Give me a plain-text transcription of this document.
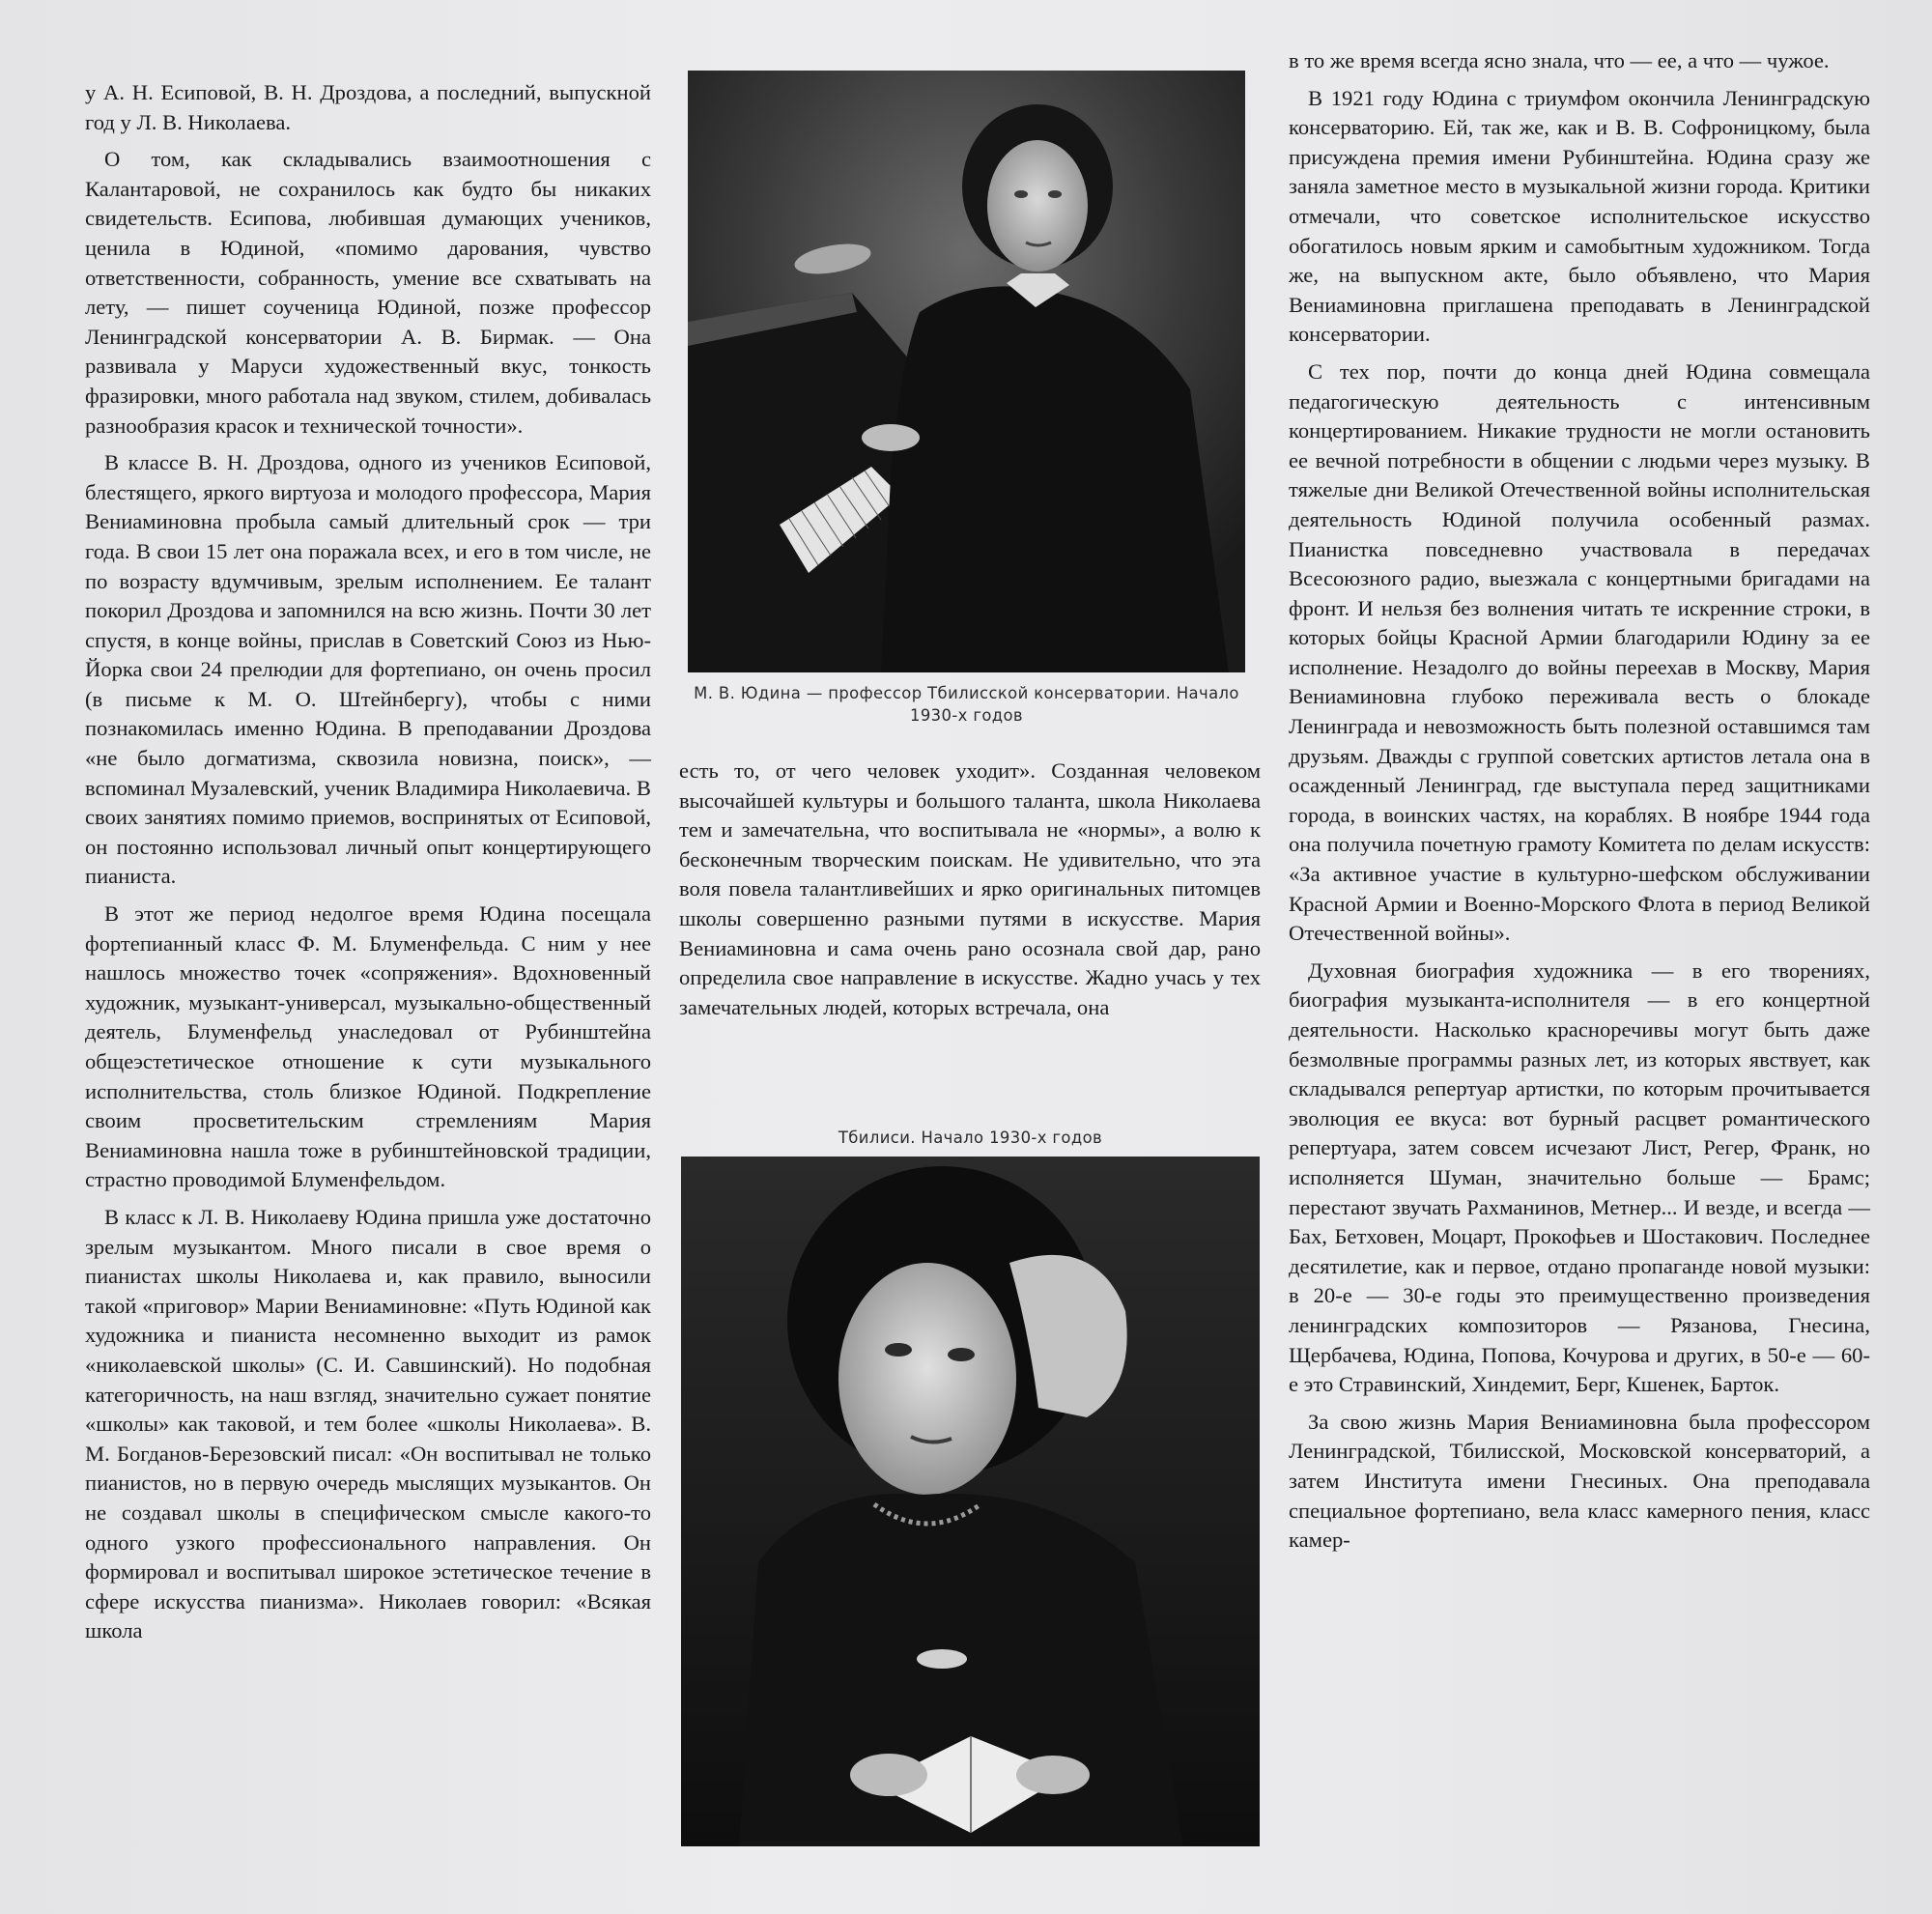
у А. Н. Есиповой, В. Н. Дроздова, а последний, выпускной год у Л. В. Николаева.

О том, как складывались взаимоотношения с Калантаровой, не сохранилось как будто бы никаких свидетельств. Есипова, любившая думающих учеников, ценила в Юдиной, «помимо дарования, чувство ответственности, собранность, умение все схватывать на лету, — пишет соученица Юдиной, позже профессор Ленинградской консерватории А. В. Бирмак. — Она развивала у Маруси художественный вкус, тонкость фразировки, много работала над звуком, стилем, добивалась разнообразия красок и технической точности».

В классе В. Н. Дроздова, одного из учеников Есиповой, блестящего, яркого виртуоза и молодого профессора, Мария Вениаминовна пробыла самый длительный срок — три года. В свои 15 лет она поражала всех, и его в том числе, не по возрасту вдумчивым, зрелым исполнением. Ее талант покорил Дроздова и запомнился на всю жизнь. Почти 30 лет спустя, в конце войны, прислав в Советский Союз из Нью-Йорка свои 24 прелюдии для фортепиано, он очень просил (в письме к М. О. Штейнбергу), чтобы с ними познакомилась именно Юдина. В преподавании Дроздова «не было догматизма, сквозила новизна, поиск», — вспоминал Музалевский, ученик Владимира Николаевича. В своих занятиях помимо приемов, воспринятых от Есиповой, он постоянно использовал личный опыт концертирующего пианиста.

В этот же период недолгое время Юдина посещала фортепианный класс Ф. М. Блуменфельда. С ним у нее нашлось множество точек «сопряжения». Вдохновенный художник, музыкант-универсал, музыкально-общественный деятель, Блуменфельд унаследовал от Рубинштейна общеэстетическое отношение к сути музыкального исполнительства, столь близкое Юдиной. Подкрепление своим просветительским стремлениям Мария Вениаминовна нашла тоже в рубинштейновской традиции, страстно проводимой Блуменфельдом.

В класс к Л. В. Николаеву Юдина пришла уже достаточно зрелым музыкантом. Много писали в свое время о пианистах школы Николаева и, как правило, выносили такой «приговор» Марии Вениаминовне: «Путь Юдиной как художника и пианиста несомненно выходит из рамок «николаевской школы» (С. И. Савшинский). Но подобная категоричность, на наш взгляд, значительно сужает понятие «школы» как таковой, и тем более «школы Николаева». В. М. Богданов-Березовский писал: «Он воспитывал не только пианистов, но в первую очередь мыслящих музыкантов. Он не создавал школы в специфическом смысле какого-то одного узкого профессионального направления. Он формировал и воспитывал широкое эстетическое течение в сфере искусства пианизма». Николаев говорил: «Всякая школа

М. В. Юдина — профессор Тбилисской консерватории. Начало 1930-х годов

есть то, от чего человек уходит». Созданная человеком высочайшей культуры и большого таланта, школа Николаева тем и замечательна, что воспитывала не «нормы», а волю к бесконечным творческим поискам. Не удивительно, что эта воля повела талантливейших и ярко оригинальных питомцев школы совершенно разными путями в искусстве. Мария Вениаминовна и сама очень рано осознала свой дар, рано определила свое направление в искусстве. Жадно учась у тех замечательных людей, которых встречала, она

Тбилиси. Начало 1930-х годов

в то же время всегда ясно знала, что — ее, а что — чужое.

В 1921 году Юдина с триумфом окончила Ленинградскую консерваторию. Ей, так же, как и В. В. Софроницкому, была присуждена премия имени Рубинштейна. Юдина сразу же заняла заметное место в музыкальной жизни города. Критики отмечали, что советское исполнительское искусство обогатилось новым ярким и самобытным художником. Тогда же, на выпускном акте, было объявлено, что Мария Вениаминовна приглашена преподавать в Ленинградской консерватории.

С тех пор, почти до конца дней Юдина совмещала педагогическую деятельность с интенсивным концертированием. Никакие трудности не могли остановить ее вечной потребности в общении с людьми через музыку. В тяжелые дни Великой Отечественной войны исполнительская деятельность Юдиной получила особенный размах. Пианистка повседневно участвовала в передачах Всесоюзного радио, выезжала с концертными бригадами на фронт. И нельзя без волнения читать те искренние строки, в которых бойцы Красной Армии благодарили Юдину за ее исполнение. Незадолго до войны переехав в Москву, Мария Вениаминовна глубоко переживала весть о блокаде Ленинграда и невозможность быть полезной оставшимся там друзьям. Дважды с группой советских артистов летала она в осажденный Ленинград, где выступала перед защитниками города, в воинских частях, на кораблях. В ноябре 1944 года она получила почетную грамоту Комитета по делам искусств: «За активное участие в культурно-шефском обслуживании Красной Армии и Военно-Морского Флота в период Великой Отечественной войны».

Духовная биография художника — в его творениях, биография музыканта-исполнителя — в его концертной деятельности. Насколько красноречивы могут быть даже безмолвные программы разных лет, из которых явствует, как складывался репертуар артистки, по которым прочитывается эволюция ее вкуса: вот бурный расцвет романтического репертуара, затем совсем исчезают Лист, Регер, Франк, но исполняется Шуман, значительно больше — Брамс; перестают звучать Рахманинов, Метнер... И везде, и всегда — Бах, Бетховен, Моцарт, Прокофьев и Шостакович. Последнее десятилетие, как и первое, отдано пропаганде новой музыки: в 20-е — 30-е годы это преимущественно произведения ленинградских композиторов — Рязанова, Гнесина, Щербачева, Юдина, Попова, Кочурова и других, в 50-е — 60-е это Стравинский, Хиндемит, Берг, Кшенек, Барток.

За свою жизнь Мария Вениаминовна была профессором Ленинградской, Тбилисской, Московской консерваторий, а затем Института имени Гнесиных. Она преподавала специальное фортепиано, вела класс камерного пения, класс камер-
